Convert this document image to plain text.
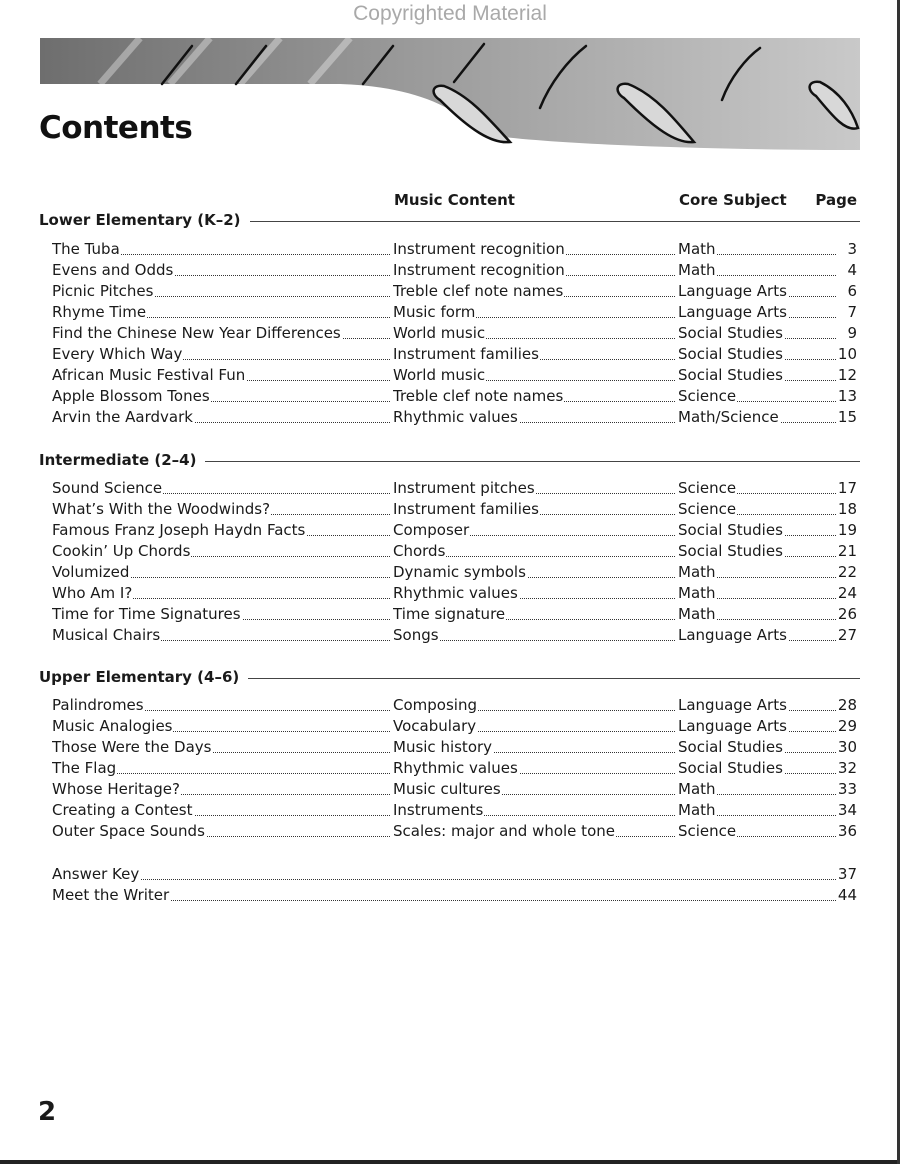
Copyrighted Material
Contents
Music Content	Core Subject Page
Lower Elementary (K–2)
The Tuba	Instrument recognition	Math	3
Evens and Odds	Instrument recognition	Math	4
Picnic Pitches	Treble clef note names	Language Arts	6
Rhyme Time	Music form	Language Arts	7
Find the Chinese New Year Differences	World music	Social Studies	9
Every Which Way	Instrument families	Social Studies	10
African Music Festival Fun	World music	Social Studies	12
Apple Blossom Tones	Treble clef note names	Science	13
Arvin the Aardvark	Rhythmic values	Math/Science	15
Intermediate (2–4)
Sound Science	Instrument pitches	Science	17
What’s With the Woodwinds?	Instrument families	Science	18
Famous Franz Joseph Haydn Facts	Composer	Social Studies	19
Cookin’ Up Chords	Chords	Social Studies	21
Volumized	Dynamic symbols	Math	22
Who Am I?	Rhythmic values	Math	24
Time for Time Signatures	Time signature	Math	26
Musical Chairs	Songs	Language Arts	27
Upper Elementary (4–6)
Palindromes	Composing	Language Arts	28
Music Analogies	Vocabulary	Language Arts	29
Those Were the Days	Music history	Social Studies	30
The Flag	Rhythmic values	Social Studies	32
Whose Heritage?	Music cultures	Math	33
Creating a Contest	Instruments	Math	34
Outer Space Sounds	Scales: major and whole tone	Science	36
Answer Key	37
Meet the Writer	44
2
